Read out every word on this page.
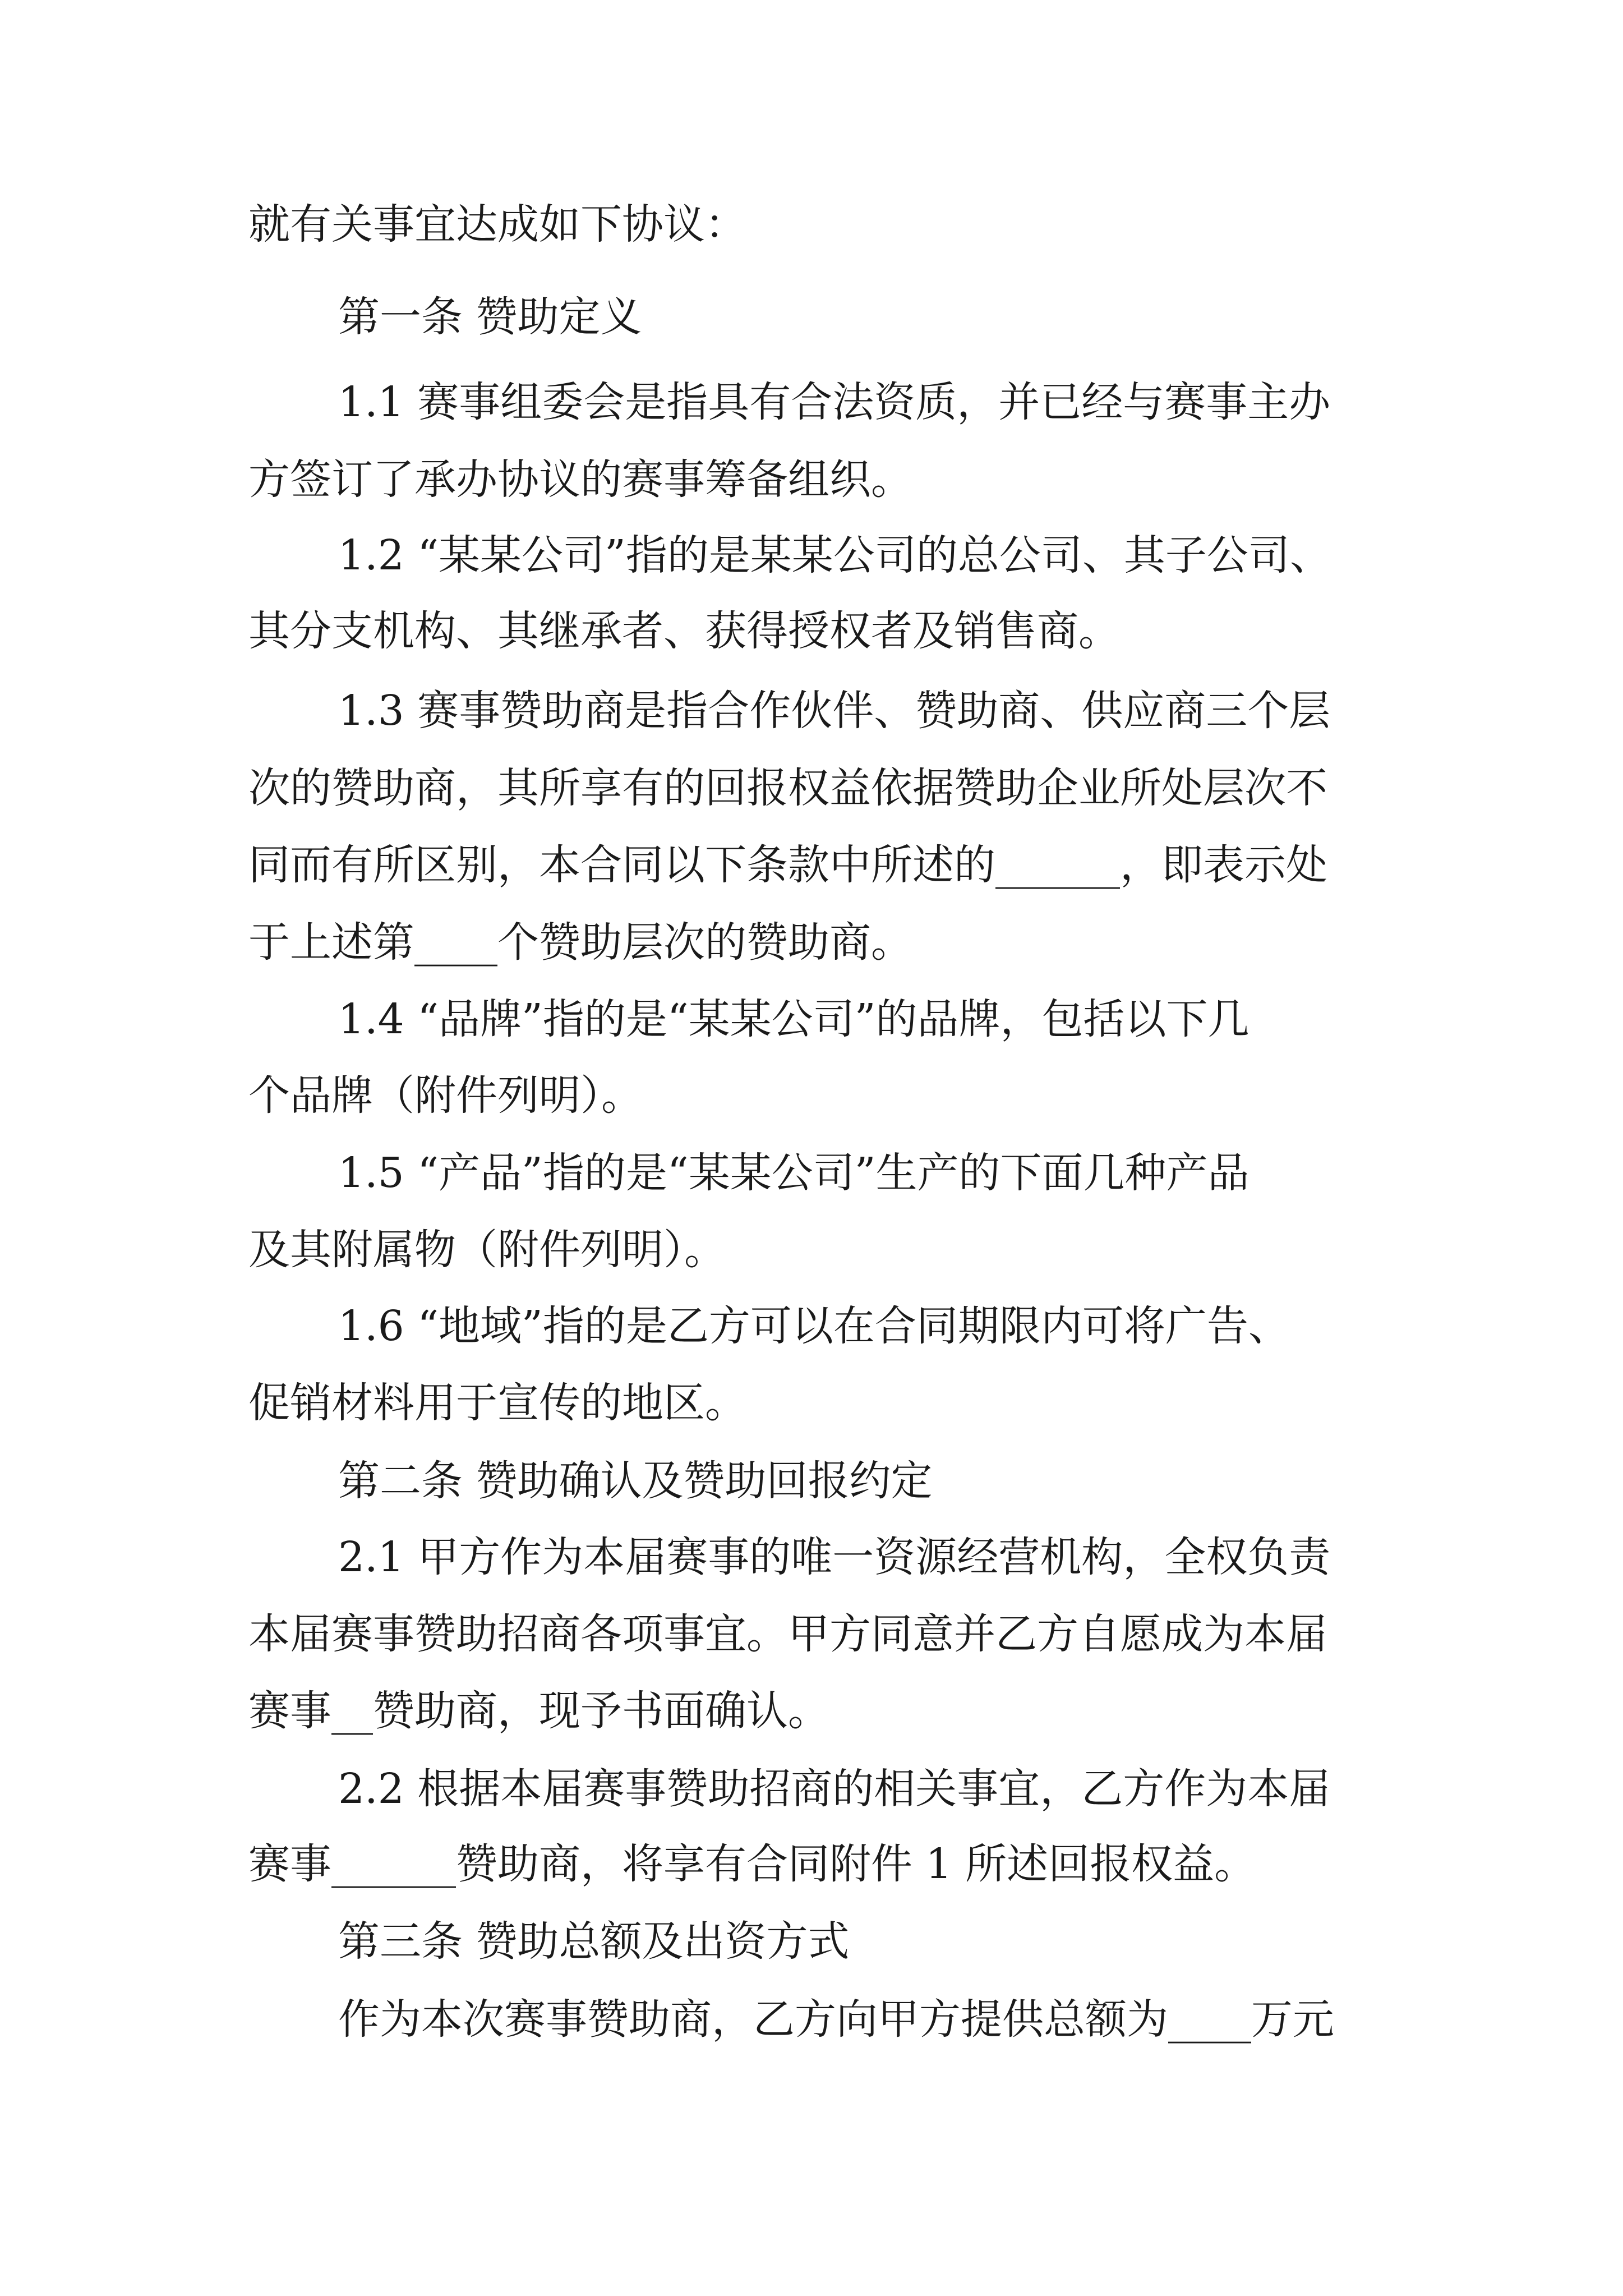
就有关事宜达成如下协议：
第一条 赞助定义
1.1 赛事组委会是指具有合法资质，并已经与赛事主办
方签订了承办协议的赛事筹备组织。
1.2 “某某公司”指的是某某公司的总公司、其子公司、
其分支机构、其继承者、获得授权者及销售商。
1.3 赛事赞助商是指合作伙伴、赞助商、供应商三个层
次的赞助商，其所享有的回报权益依据赞助企业所处层次不
同而有所区别，本合同以下条款中所述的______，即表示处
于上述第____个赞助层次的赞助商。
1.4 “品牌”指的是“某某公司”的品牌，包括以下几
个品牌（附件列明）。
1.5 “产品”指的是“某某公司”生产的下面几种产品
及其附属物（附件列明）。
1.6 “地域”指的是乙方可以在合同期限内可将广告、
促销材料用于宣传的地区。
第二条 赞助确认及赞助回报约定
2.1 甲方作为本届赛事的唯一资源经营机构，全权负责
本届赛事赞助招商各项事宜。甲方同意并乙方自愿成为本届
赛事__赞助商，现予书面确认。
2.2 根据本届赛事赞助招商的相关事宜，乙方作为本届
赛事______赞助商，将享有合同附件 1 所述回报权益。
第三条 赞助总额及出资方式
作为本次赛事赞助商，乙方向甲方提供总额为____万元
